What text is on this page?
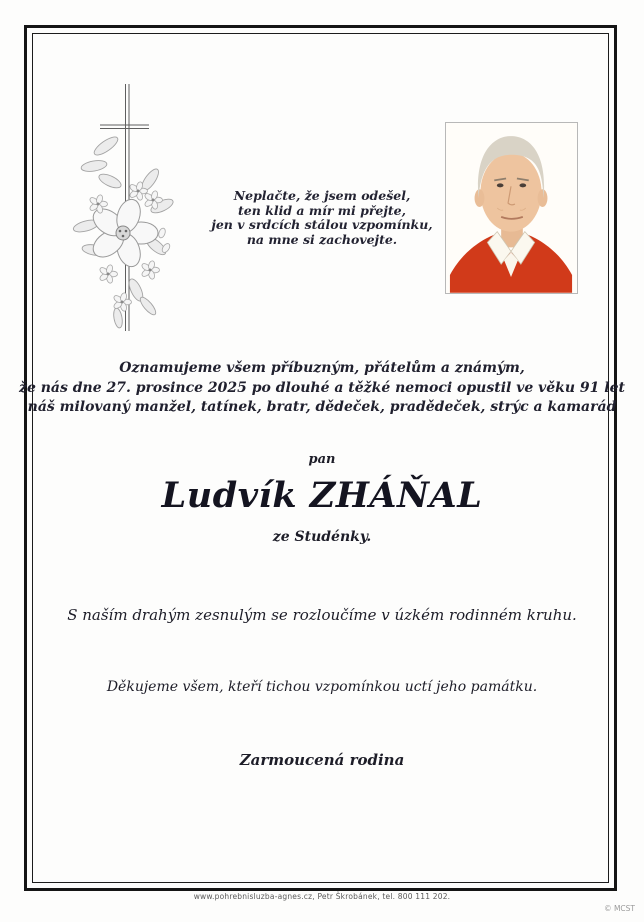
Neplačte, že jsem odešel,
ten klid a mír mi přejte,
jen v srdcích stálou vzpomínku,
na mne si zachovejte.
Oznamujeme všem příbuzným, přátelům a známým,
že nás dne 27. prosince 2025 po dlouhé a těžké nemoci opustil ve věku 91 let
náš milovaný manžel, tatínek, bratr, dědeček, pradědeček, strýc a kamarád
pan
Ludvík ZHÁŇAL
ze Studénky.
S naším drahým zesnulým se rozloučíme v úzkém rodinném kruhu.
Děkujeme všem, kteří tichou vzpomínkou uctí jeho památku.
Zarmoucená rodina
www.pohrebnisluzba-agnes.cz, Petr Škrobánek, tel. 800 111 202.
© MCST
